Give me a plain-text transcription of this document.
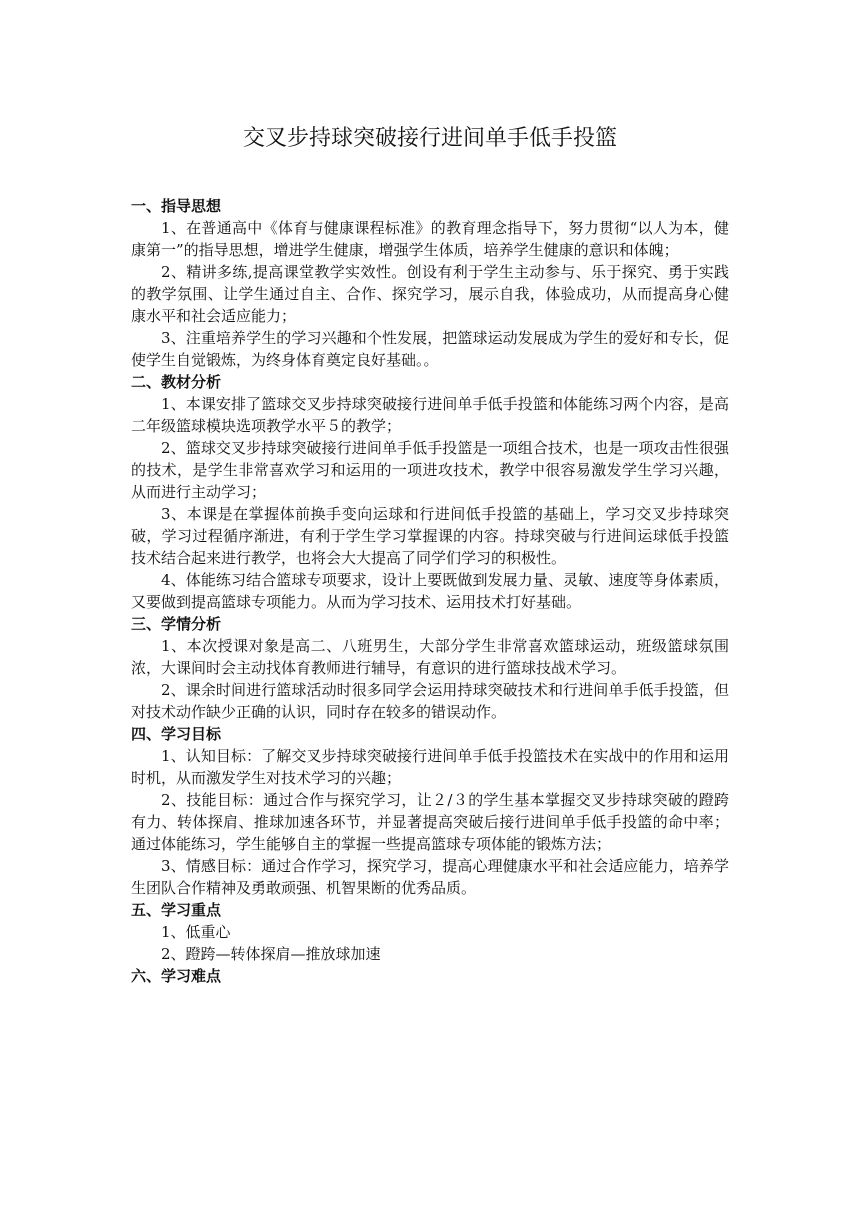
交叉步持球突破接行进间单手低手投篮

一、指导思想

1、在普通高中《体育与健康课程标准》的教育理念指导下，努力贯彻“以人为本，健康第一”的指导思想，增进学生健康，增强学生体质，培养学生健康的意识和体魄；

2、精讲多练,提高课堂教学实效性。创设有利于学生主动参与、乐于探究、勇于实践的教学氛围、让学生通过自主、合作、探究学习，展示自我，体验成功，从而提高身心健康水平和社会适应能力；

3、注重培养学生的学习兴趣和个性发展，把篮球运动发展成为学生的爱好和专长，促使学生自觉锻炼，为终身体育奠定良好基础。。

二、教材分析

1、本课安排了篮球交叉步持球突破接行进间单手低手投篮和体能练习两个内容，是高二年级篮球模块选项教学水平５的教学；

2、篮球交叉步持球突破接行进间单手低手投篮是一项组合技术，也是一项攻击性很强的技术，是学生非常喜欢学习和运用的一项进攻技术，教学中很容易激发学生学习兴趣，从而进行主动学习；

3、本课是在掌握体前换手变向运球和行进间低手投篮的基础上，学习交叉步持球突破，学习过程循序渐进，有利于学生学习掌握课的内容。持球突破与行进间运球低手投篮技术结合起来进行教学，也将会大大提高了同学们学习的积极性。

4、体能练习结合篮球专项要求，设计上要既做到发展力量、灵敏、速度等身体素质，又要做到提高篮球专项能力。从而为学习技术、运用技术打好基础。

三、学情分析

1、本次授课对象是高二、八班男生，大部分学生非常喜欢篮球运动，班级篮球氛围浓，大课间时会主动找体育教师进行辅导，有意识的进行篮球技战术学习。

2、课余时间进行篮球活动时很多同学会运用持球突破技术和行进间单手低手投篮，但对技术动作缺少正确的认识，同时存在较多的错误动作。

四、学习目标

1、认知目标：了解交叉步持球突破接行进间单手低手投篮技术在实战中的作用和运用时机，从而激发学生对技术学习的兴趣；

2、技能目标：通过合作与探究学习，让２/３的学生基本掌握交叉步持球突破的蹬跨有力、转体探肩、推球加速各环节，并显著提高突破后接行进间单手低手投篮的命中率；通过体能练习，学生能够自主的掌握一些提高篮球专项体能的锻炼方法；

3、情感目标：通过合作学习，探究学习，提高心理健康水平和社会适应能力，培养学生团队合作精神及勇敢顽强、机智果断的优秀品质。

五、学习重点

1、低重心

2、蹬跨—转体探肩—推放球加速

六、学习难点
